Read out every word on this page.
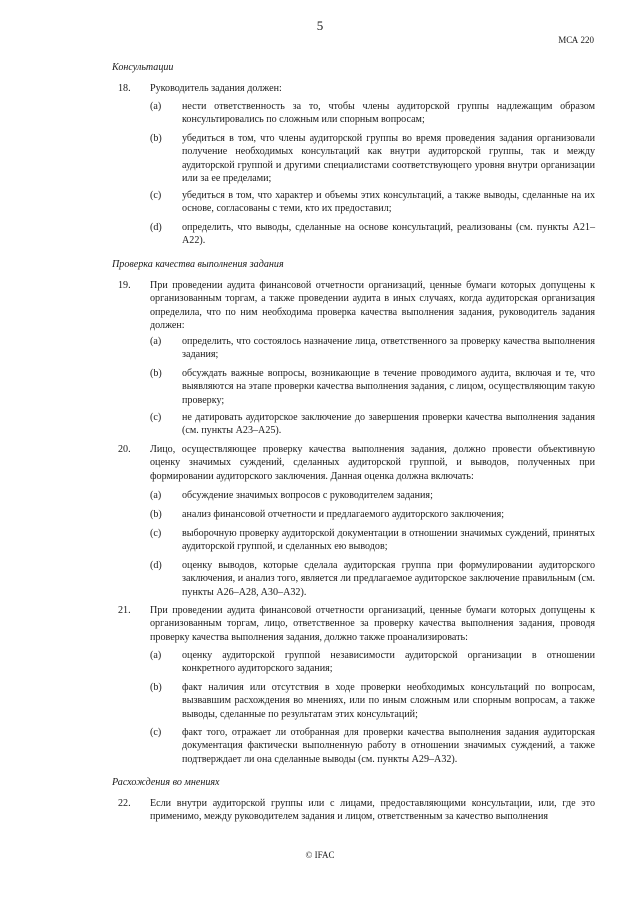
5
МСА 220
Консультации
18. Руководитель задания должен:
(a) нести ответственность за то, чтобы члены аудиторской группы надлежащим образом консультировались по сложным или спорным вопросам;
(b) убедиться в том, что члены аудиторской группы во время проведения задания организовали получение необходимых консультаций как внутри аудиторской группы, так и между аудиторской группой и другими специалистами соответствующего уровня внутри организации или за ее пределами;
(c) убедиться в том, что характер и объемы этих консультаций, а также выводы, сделанные на их основе, согласованы с теми, кто их предоставил;
(d) определить, что выводы, сделанные на основе консультаций, реализованы (см. пункты A21–A22).
Проверка качества выполнения задания
19. При проведении аудита финансовой отчетности организаций, ценные бумаги которых допущены к организованным торгам, а также проведении аудита в иных случаях, когда аудиторская организация определила, что по ним необходима проверка качества выполнения задания, руководитель задания должен:
(a) определить, что состоялось назначение лица, ответственного за проверку качества выполнения задания;
(b) обсуждать важные вопросы, возникающие в течение проводимого аудита, включая и те, что выявляются на этапе проверки качества выполнения задания, с лицом, осуществляющим такую проверку;
(c) не датировать аудиторское заключение до завершения проверки качества выполнения задания (см. пункты A23–A25).
20. Лицо, осуществляющее проверку качества выполнения задания, должно провести объективную оценку значимых суждений, сделанных аудиторской группой, и выводов, полученных при формировании аудиторского заключения. Данная оценка должна включать:
(a) обсуждение значимых вопросов с руководителем задания;
(b) анализ финансовой отчетности и предлагаемого аудиторского заключения;
(c) выборочную проверку аудиторской документации в отношении значимых суждений, принятых аудиторской группой, и сделанных ею выводов;
(d) оценку выводов, которые сделала аудиторская группа при формулировании аудиторского заключения, и анализ того, является ли предлагаемое аудиторское заключение правильным (см. пункты A26–A28, A30–A32).
21. При проведении аудита финансовой отчетности организаций, ценные бумаги которых допущены к организованным торгам, лицо, ответственное за проверку качества выполнения задания, проводя проверку качества выполнения задания, должно также проанализировать:
(a) оценку аудиторской группой независимости аудиторской организации в отношении конкретного аудиторского задания;
(b) факт наличия или отсутствия в ходе проверки необходимых консультаций по вопросам, вызвавшим расхождения во мнениях, или по иным сложным или спорным вопросам, а также выводы, сделанные по результатам этих консультаций;
(c) факт того, отражает ли отобранная для проверки качества выполнения задания аудиторская документация фактически выполненную работу в отношении значимых суждений, а также подтверждает ли она сделанные выводы (см. пункты A29–A32).
Расхождения во мнениях
22. Если внутри аудиторской группы или с лицами, предоставляющими консультации, или, где это применимо, между руководителем задания и лицом, ответственным за качество выполнения
© IFAC
